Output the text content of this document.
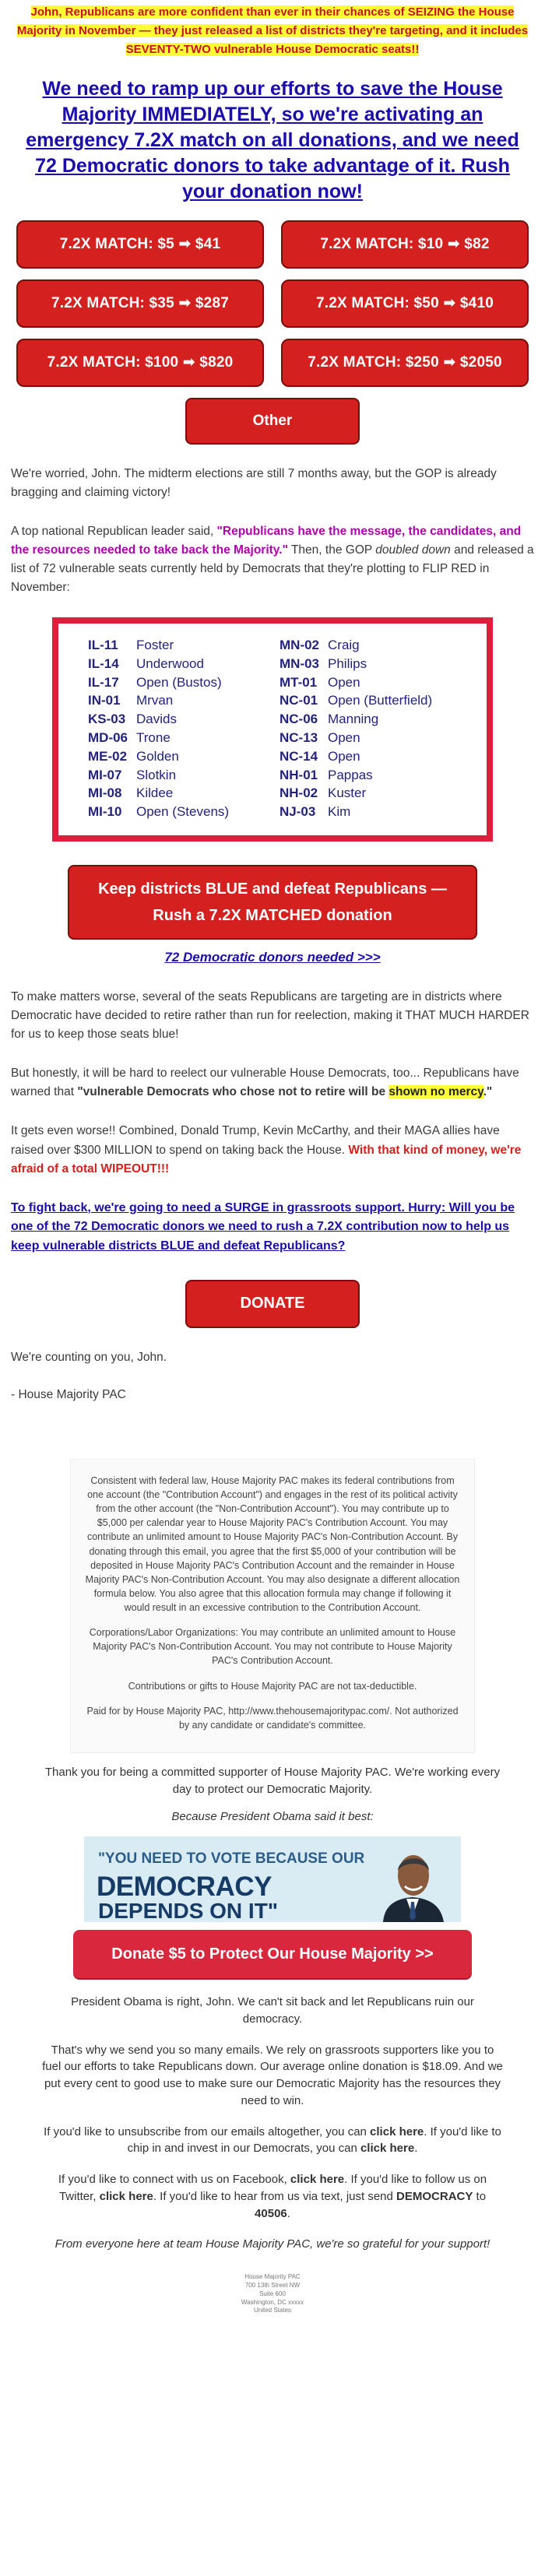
John, Republicans are more confident than ever in their chances of SEIZING the House Majority in November — they just released a list of districts they're targeting, and it includes SEVENTY-TWO vulnerable House Democratic seats!!

We need to ramp up our efforts to save the House Majority IMMEDIATELY, so we're activating an emergency 7.2X match on all donations, and we need 72 Democratic donors to take advantage of it. Rush your donation now!
7.2X MATCH: $5 ➡ $41	7.2X MATCH: $10 ➡ $82
7.2X MATCH: $35 ➡ $287	7.2X MATCH: $50 ➡ $410
7.2X MATCH: $100 ➡ $820	7.2X MATCH: $250 ➡ $2050
Other

We're worried, John. The midterm elections are still 7 months away, but the GOP is already bragging and claiming victory!

A top national Republican leader said, "Republicans have the message, the candidates, and the resources needed to take back the Majority." Then, the GOP doubled down and released a list of 72 vulnerable seats currently held by Democrats that they're plotting to FLIP RED in November:

IL-11	Foster
IL-14	Underwood
IL-17	Open (Bustos)
IN-01	Mrvan
KS-03 Davids
MD-06 Trone
ME-02 Golden
MI-07	Slotkin
MI-08	Kildee
MI-10	Open (Stevens)
MN-02 Craig
MN-03 Philips
MT-01 Open
NC-01 Open (Butterfield)
NC-06 Manning
NC-13 Open
NC-14 Open
NH-01 Pappas
NH-02 Kuster
NJ-03 Kim
Keep districts BLUE and defeat Republicans — Rush a 7.2X MATCHED donation
72 Democratic donors needed >>>

To make matters worse, several of the seats Republicans are targeting are in districts where Democratic have decided to retire rather than run for reelection, making it THAT MUCH HARDER for us to keep those seats blue!

But honestly, it will be hard to reelect our vulnerable House Democrats, too... Republicans have warned that "vulnerable Democrats who chose not to retire will be shown no mercy."

It gets even worse!! Combined, Donald Trump, Kevin McCarthy, and their MAGA allies have raised over $300 MILLION to spend on taking back the House. With that kind of money, we're afraid of a total WIPEOUT!!!

To fight back, we're going to need a SURGE in grassroots support. Hurry: Will you be one of the 72 Democratic donors we need to rush a 7.2X contribution now to help us keep vulnerable districts BLUE and defeat Republicans?
DONATE

We're counting on you, John.

- House Majority PAC

Consistent with federal law, House Majority PAC makes its federal contributions from one account (the "Contribution Account") and engages in the rest of its political activity from the other account (the "Non-Contribution Account"). You may contribute up to $5,000 per calendar year to House Majority PAC's Contribution Account. You may contribute an unlimited amount to House Majority PAC's Non-Contribution Account. By donating through this email, you agree that the first $5,000 of your contribution will be deposited in House Majority PAC's Contribution Account and the remainder in House Majority PAC's Non-Contribution Account. You may also designate a different allocation formula below. You also agree that this allocation formula may change if following it would result in an excessive contribution to the Contribution Account.

Corporations/Labor Organizations: You may contribute an unlimited amount to House Majority PAC's Non-Contribution Account. You may not contribute to House Majority PAC's Contribution Account.

Contributions or gifts to House Majority PAC are not tax-deductible.

Paid for by House Majority PAC, http://www.thehousemajoritypac.com/. Not authorized by any candidate or candidate's committee.

Thank you for being a committed supporter of House Majority PAC. We're working every day to protect our Democratic Majority.

Because President Obama said it best:

"YOU NEED TO VOTE BECAUSE OUR
DEMOCRACY
DEPENDS ON IT"
Donate $5 to Protect Our House Majority >>

President Obama is right, John. We can't sit back and let Republicans ruin our democracy.

That's why we send you so many emails. We rely on grassroots supporters like you to fuel our efforts to take Republicans down. Our average online donation is $18.09. And we put every cent to good use to make sure our Democratic Majority has the resources they need to win.

If you'd like to unsubscribe from our emails altogether, you can click here. If you'd like to chip in and invest in our Democrats, you can click here.

If you'd like to connect with us on Facebook, click here. If you'd like to follow us on Twitter, click here. If you'd like to hear from us via text, just send DEMOCRACY to 40506.

From everyone here at team House Majority PAC, we're so grateful for your support!

House Majority PAC
700 13th Street NW
Suite 600
Washington, DC xxxxx
United States
